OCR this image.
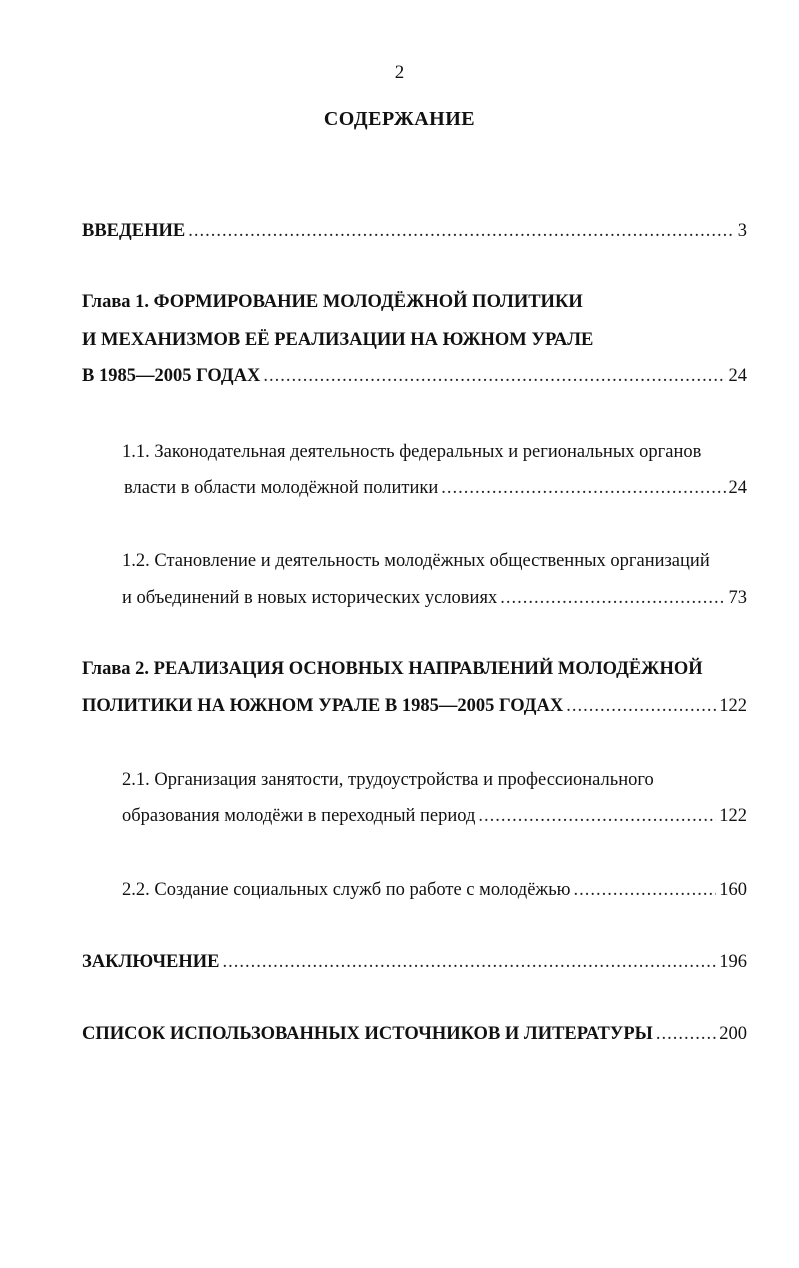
2
СОДЕРЖАНИЕ
ВВЕДЕНИЕ .....	3
Глава 1. ФОРМИРОВАНИЕ МОЛОДЁЖНОЙ ПОЛИТИКИ
И МЕХАНИЗМОВ ЕЁ РЕАЛИЗАЦИИ НА ЮЖНОМ УРАЛЕ
В 1985—2005 ГОДАХ .....	24
1.1. Законодательная деятельность федеральных и региональных органов
власти в области молодёжной политики .....	24
1.2. Становление и деятельность молодёжных общественных организаций
и объединений в новых исторических условиях .....	73
Глава 2. РЕАЛИЗАЦИЯ ОСНОВНЫХ НАПРАВЛЕНИЙ МОЛОДЁЖНОЙ
ПОЛИТИКИ НА ЮЖНОМ УРАЛЕ В 1985—2005 ГОДАХ .....	122
2.1. Организация занятости, трудоустройства и профессионального
образования молодёжи в переходный период .....	122
2.2. Создание социальных служб по работе с молодёжью .....	160
ЗАКЛЮЧЕНИЕ .....	196
СПИСОК ИСПОЛЬЗОВАННЫХ ИСТОЧНИКОВ И ЛИТЕРАТУРЫ .....	200
